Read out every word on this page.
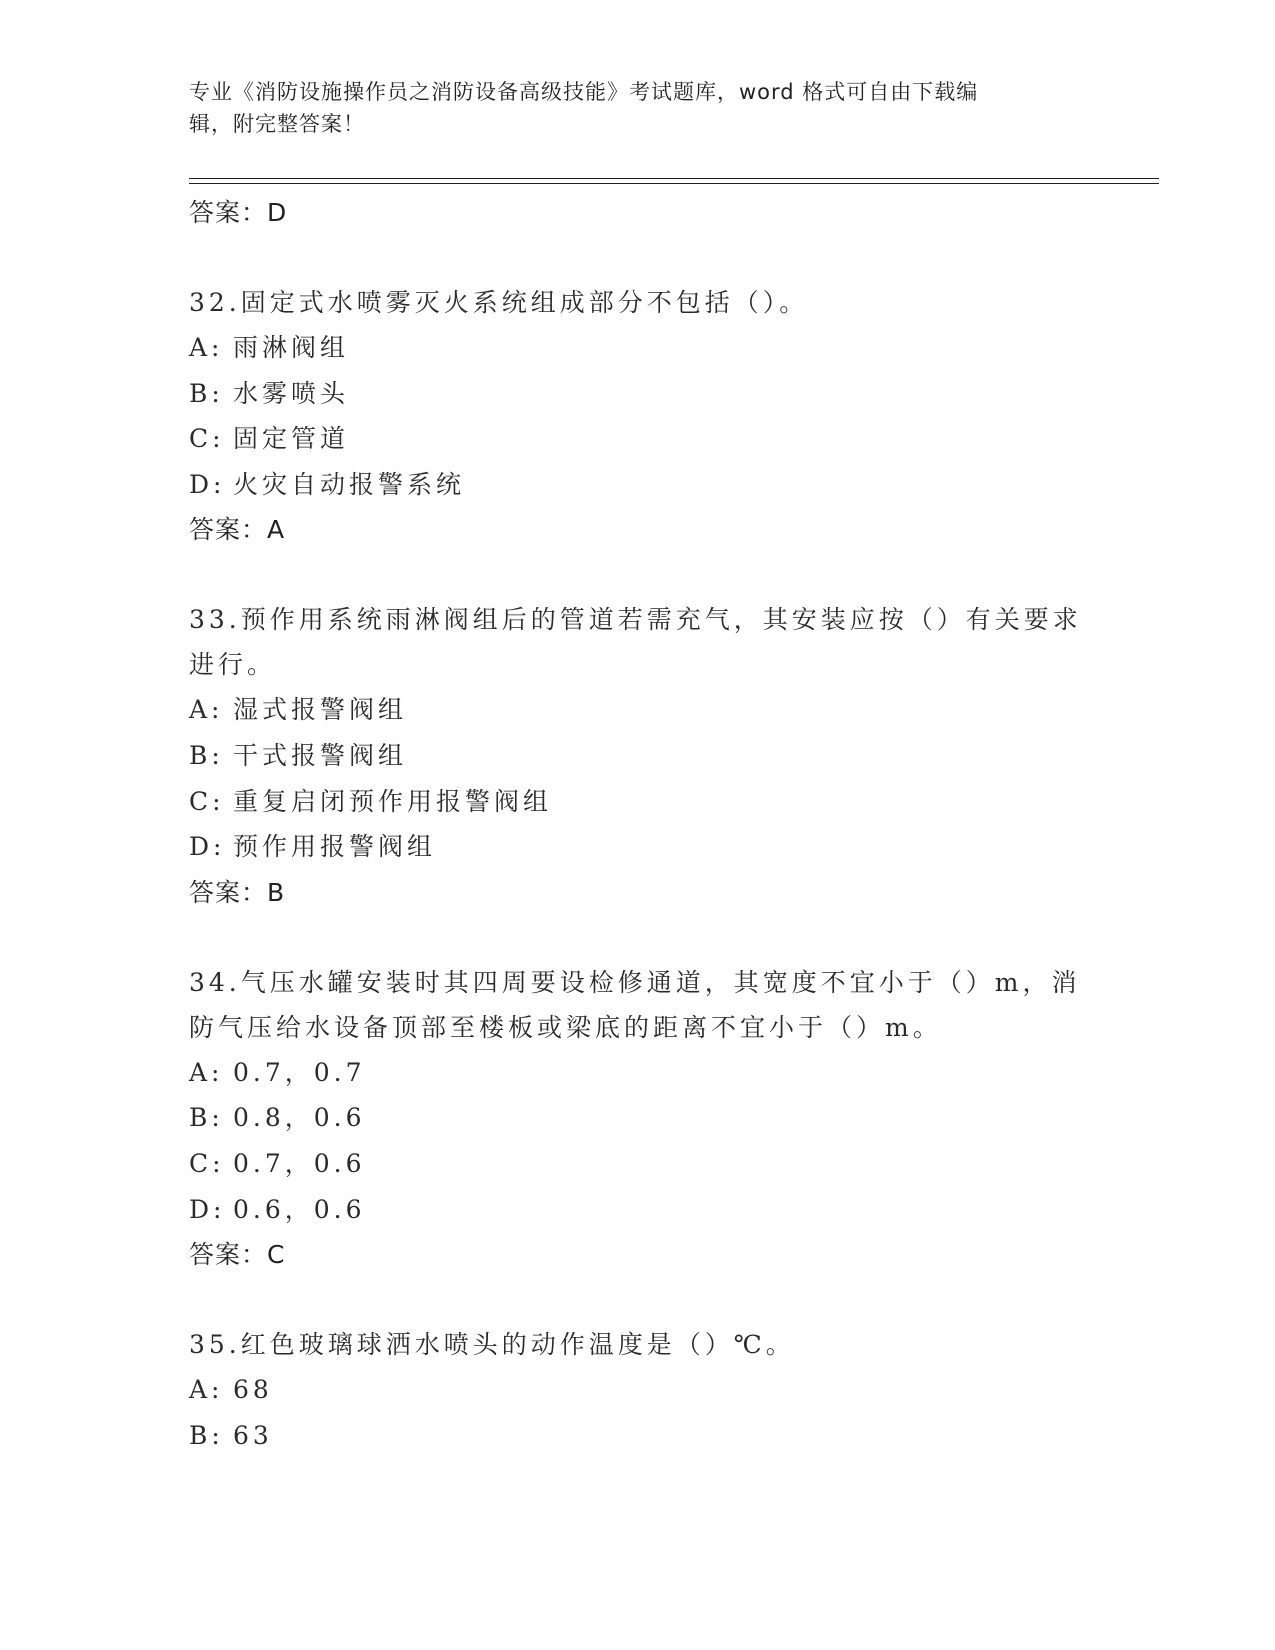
专业《消防设施操作员之消防设备高级技能》考试题库，word 格式可自由下载编
辑，附完整答案！
答案：D
32.固定式水喷雾灭火系统组成部分不包括（）。
A: 雨淋阀组
B: 水雾喷头
C: 固定管道
D: 火灾自动报警系统
答案：A
33.预作用系统雨淋阀组后的管道若需充气，其安装应按（）有关要求进行。
A: 湿式报警阀组
B: 干式报警阀组
C: 重复启闭预作用报警阀组
D: 预作用报警阀组
答案：B
34.气压水罐安装时其四周要设检修通道，其宽度不宜小于（）m，消防气压给水设备顶部至楼板或梁底的距离不宜小于（）m。
A: 0.7，0.7
B: 0.8，0.6
C: 0.7，0.6
D: 0.6，0.6
答案：C
35.红色玻璃球洒水喷头的动作温度是（）℃。
A: 68
B: 63
